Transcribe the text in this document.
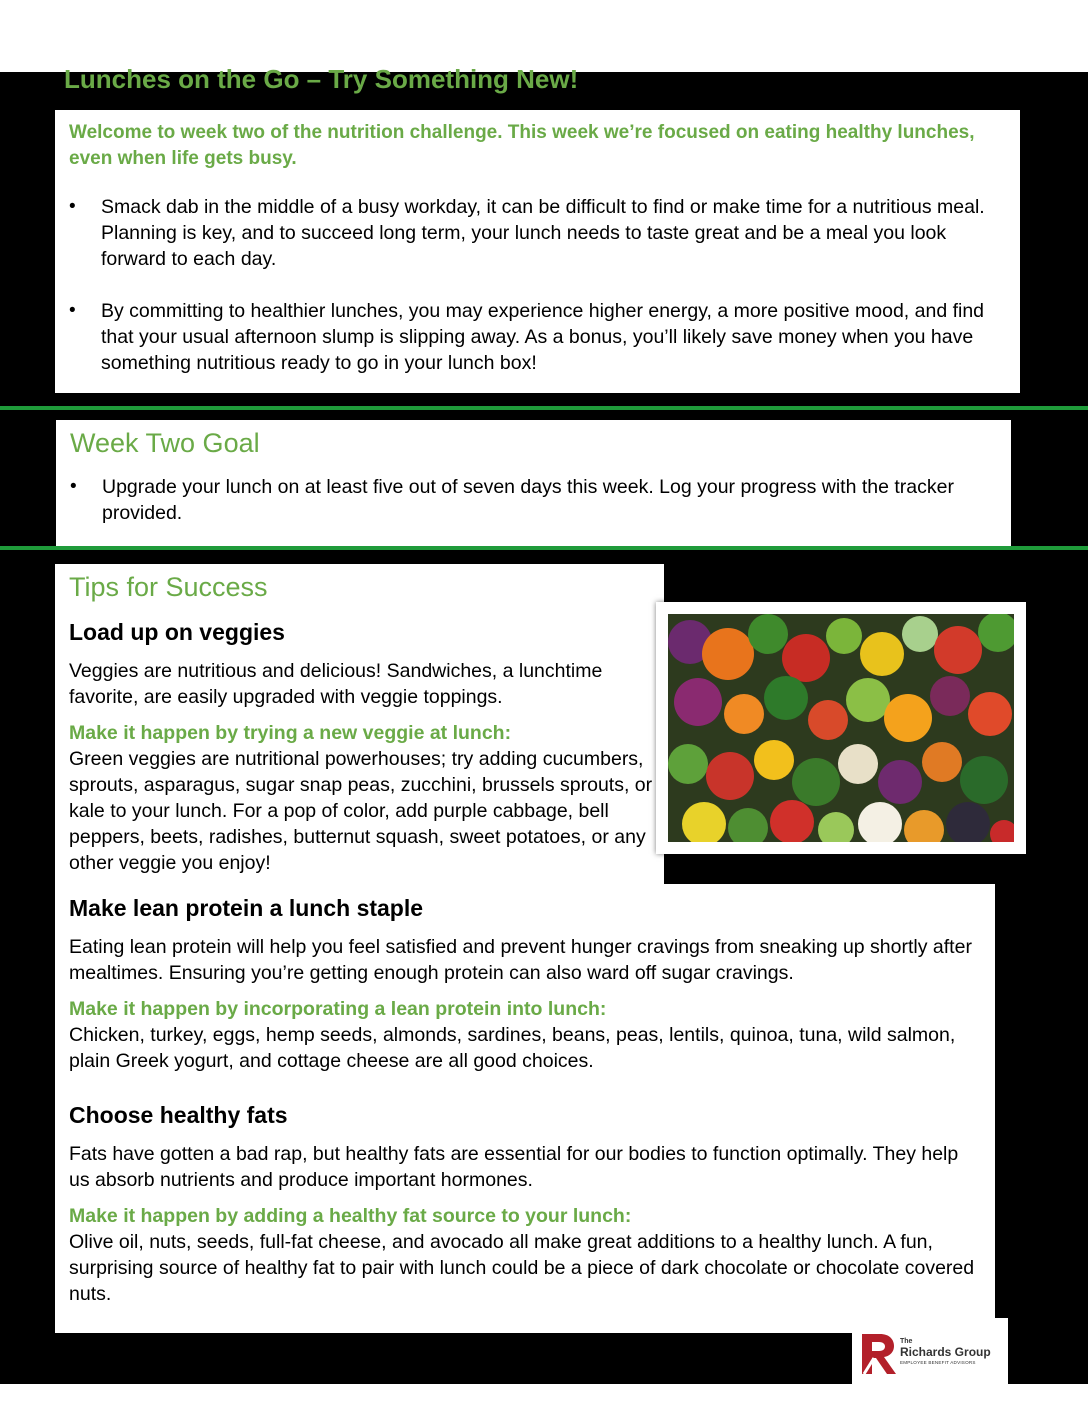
Lunches on the Go – Try Something New!

Welcome to week two of the nutrition challenge. This week we’re focused on eating healthy lunches, even when life gets busy.

• Smack dab in the middle of a busy workday, it can be difficult to find or make time for a nutritious meal. Planning is key, and to succeed long term, your lunch needs to taste great and be a meal you look forward to each day.
• By committing to healthier lunches, you may experience higher energy, a more positive mood, and find that your usual afternoon slump is slipping away. As a bonus, you’ll likely save money when you have something nutritious ready to go in your lunch box!
Week Two Goal
• Upgrade your lunch on at least five out of seven days this week. Log your progress with the tracker provided.
Tips for Success
Load up on veggies

Veggies are nutritious and delicious! Sandwiches, a lunchtime favorite, are easily upgraded with veggie toppings.

Make it happen by trying a new veggie at lunch:

Green veggies are nutritional powerhouses; try adding cucumbers, sprouts, asparagus, sugar snap peas, zucchini, brussels sprouts, or kale to your lunch. For a pop of color, add purple cabbage, bell peppers, beets, radishes, butternut squash, sweet potatoes, or any other veggie you enjoy!

Make lean protein a lunch staple

Eating lean protein will help you feel satisfied and prevent hunger cravings from sneaking up shortly after mealtimes. Ensuring you’re getting enough protein can also ward off sugar cravings.

Make it happen by incorporating a lean protein into lunch:

Chicken, turkey, eggs, hemp seeds, almonds, sardines, beans, peas, lentils, quinoa, tuna, wild salmon, plain Greek yogurt, and cottage cheese are all good choices.

Choose healthy fats

Fats have gotten a bad rap, but healthy fats are essential for our bodies to function optimally. They help us absorb nutrients and produce important hormones.

Make it happen by adding a healthy fat source to your lunch:

Olive oil, nuts, seeds, full-fat cheese, and avocado all make great additions to a healthy lunch. A fun, surprising source of healthy fat to pair with lunch could be a piece of dark chocolate or chocolate covered nuts.

The
Richards Group
EMPLOYEE BENEFIT ADVISORS
